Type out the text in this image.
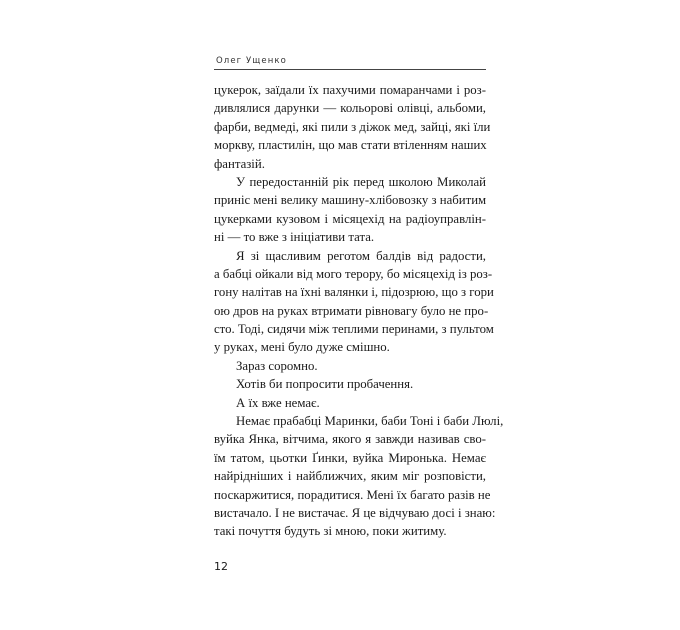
Олег Ущенко
цукерок, заїдали їх пахучими помаранчами і роз-
дивлялися дарунки — кольорові олівці, альбоми,
фарби, ведмеді, які пили з діжок мед, зайці, які їли
моркву, пластилін, що мав стати втіленням наших
фантазій.
У передостанній рік перед школою Миколай
приніс мені велику машину-хлібовозку з набитим
цукерками кузовом і місяцехід на радіоуправлін-
ні — то вже з ініціативи тата.
Я зі щасливим реготом балдів від радости,
а бабці ойкали від мого терору, бо місяцехід із роз-
гону налітав на їхні валянки і, підозрюю, що з гори
ою дров на руках втримати рівновагу було не про-
сто. Тоді, сидячи між теплими перинами, з пультом
у руках, мені було дуже смішно.
Зараз соромно.
Хотів би попросити пробачення.
А їх вже немає.
Немає прабабці Маринки, баби Тоні і баби Люлі,
вуйка Янка, вітчима, якого я завжди називав сво-
їм татом, цьотки Ґинки, вуйка Миронька. Немає
найрідніших і найближчих, яким міг розповісти,
поскаржитися, порадитися. Мені їх багато разів не
вистачало. І не вистачає. Я це відчуваю досі і знаю:
такі почуття будуть зі мною, поки житиму.
12
